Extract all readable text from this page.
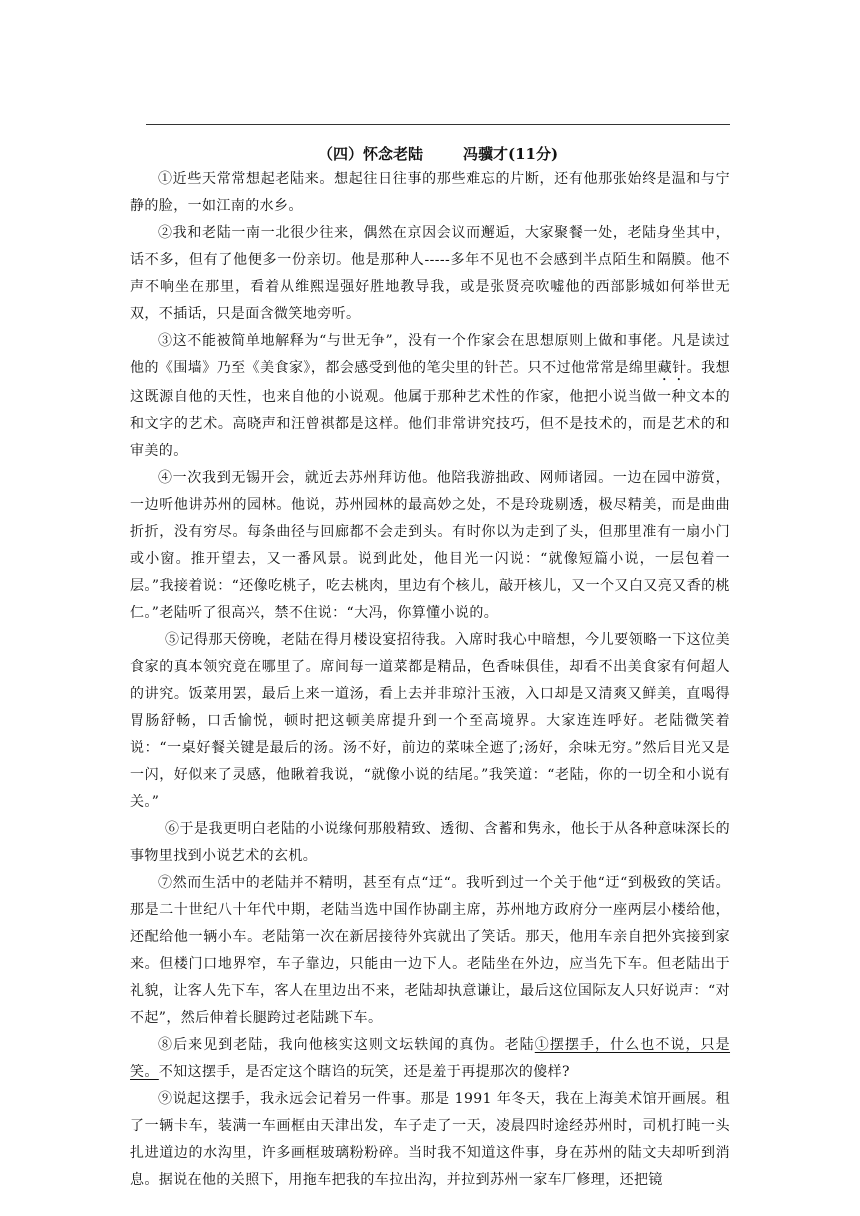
（四）怀念老陆	冯骥才(11分)

①近些天常常想起老陆来。想起往日往事的那些难忘的片断，还有他那张始终是温和与宁静的脸，一如江南的水乡。

②我和老陆一南一北很少往来，偶然在京因会议而邂逅，大家聚餐一处，老陆身坐其中，话不多，但有了他便多一份亲切。他是那种人-----多年不见也不会感到半点陌生和隔膜。他不声不响坐在那里，看着从维熙逞强好胜地教导我，或是张贤亮吹嘘他的西部影城如何举世无双，不插话，只是面含微笑地旁听。

③这不能被简单地解释为“与世无争”，没有一个作家会在思想原则上做和事佬。凡是读过他的《围墙》乃至《美食家》，都会感受到他的笔尖里的针芒。只不过他常常是绵里藏针。我想这既源自他的天性，也来自他的小说观。他属于那种艺术性的作家，他把小说当做一种文本的和文字的艺术。高晓声和汪曾祺都是这样。他们非常讲究技巧，但不是技术的，而是艺术的和审美的。

④一次我到无锡开会，就近去苏州拜访他。他陪我游拙政、网师诸园。一边在园中游赏，一边听他讲苏州的园林。他说，苏州园林的最高妙之处，不是玲珑剔透，极尽精美，而是曲曲折折，没有穷尽。每条曲径与回廊都不会走到头。有时你以为走到了头，但那里准有一扇小门或小窗。推开望去，又一番风景。说到此处，他目光一闪说：“就像短篇小说，一层包着一层。”我接着说：“还像吃桃子，吃去桃肉，里边有个核儿，敲开核儿，又一个又白又亮又香的桃仁。”老陆听了很高兴，禁不住说：“大冯，你算懂小说的。

⑤记得那天傍晚，老陆在得月楼设宴招待我。入席时我心中暗想，今儿要领略一下这位美食家的真本领究竟在哪里了。席间每一道菜都是精品，色香味俱佳，却看不出美食家有何超人的讲究。饭菜用罢，最后上来一道汤，看上去并非琼汁玉液，入口却是又清爽又鲜美，直喝得胃肠舒畅，口舌愉悦，顿时把这顿美席提升到一个至高境界。大家连连呼好。老陆微笑着说：“一桌好餐关键是最后的汤。汤不好，前边的菜味全遮了;汤好，余味无穷。”然后目光又是一闪，好似来了灵感，他瞅着我说，“就像小说的结尾。”我笑道：“老陆，你的一切全和小说有关。”

⑥于是我更明白老陆的小说缘何那般精致、透彻、含蓄和隽永，他长于从各种意味深长的事物里找到小说艺术的玄机。

⑦然而生活中的老陆并不精明，甚至有点“迂“。我听到过一个关于他“迂“到极致的笑话。那是二十世纪八十年代中期，老陆当选中国作协副主席，苏州地方政府分一座两层小楼给他，还配给他一辆小车。老陆第一次在新居接待外宾就出了笑话。那天，他用车亲自把外宾接到家来。但楼门口地界窄，车子靠边，只能由一边下人。老陆坐在外边，应当先下车。但老陆出于礼貌，让客人先下车，客人在里边出不来，老陆却执意谦让，最后这位国际友人只好说声：“对不起”，然后伸着长腿跨过老陆跳下车。

⑧后来见到老陆，我向他核实这则文坛轶闻的真伪。老陆①摆摆手，什么也不说，只是笑。不知这摆手，是否定这个瞎诌的玩笑，还是羞于再提那次的傻样?

⑨说起这摆手，我永远会记着另一件事。那是 1991 年冬天，我在上海美术馆开画展。租了一辆卡车，装满一车画框由天津出发，车子走了一天，凌晨四时途经苏州时，司机打盹一头扎进道边的水沟里，许多画框玻璃粉粉碎。当时我不知道这件事，身在苏州的陆文夫却听到消息。据说在他的关照下，用拖车把我的车拉出沟，并拉到苏州一家车厂修理，还把镜
